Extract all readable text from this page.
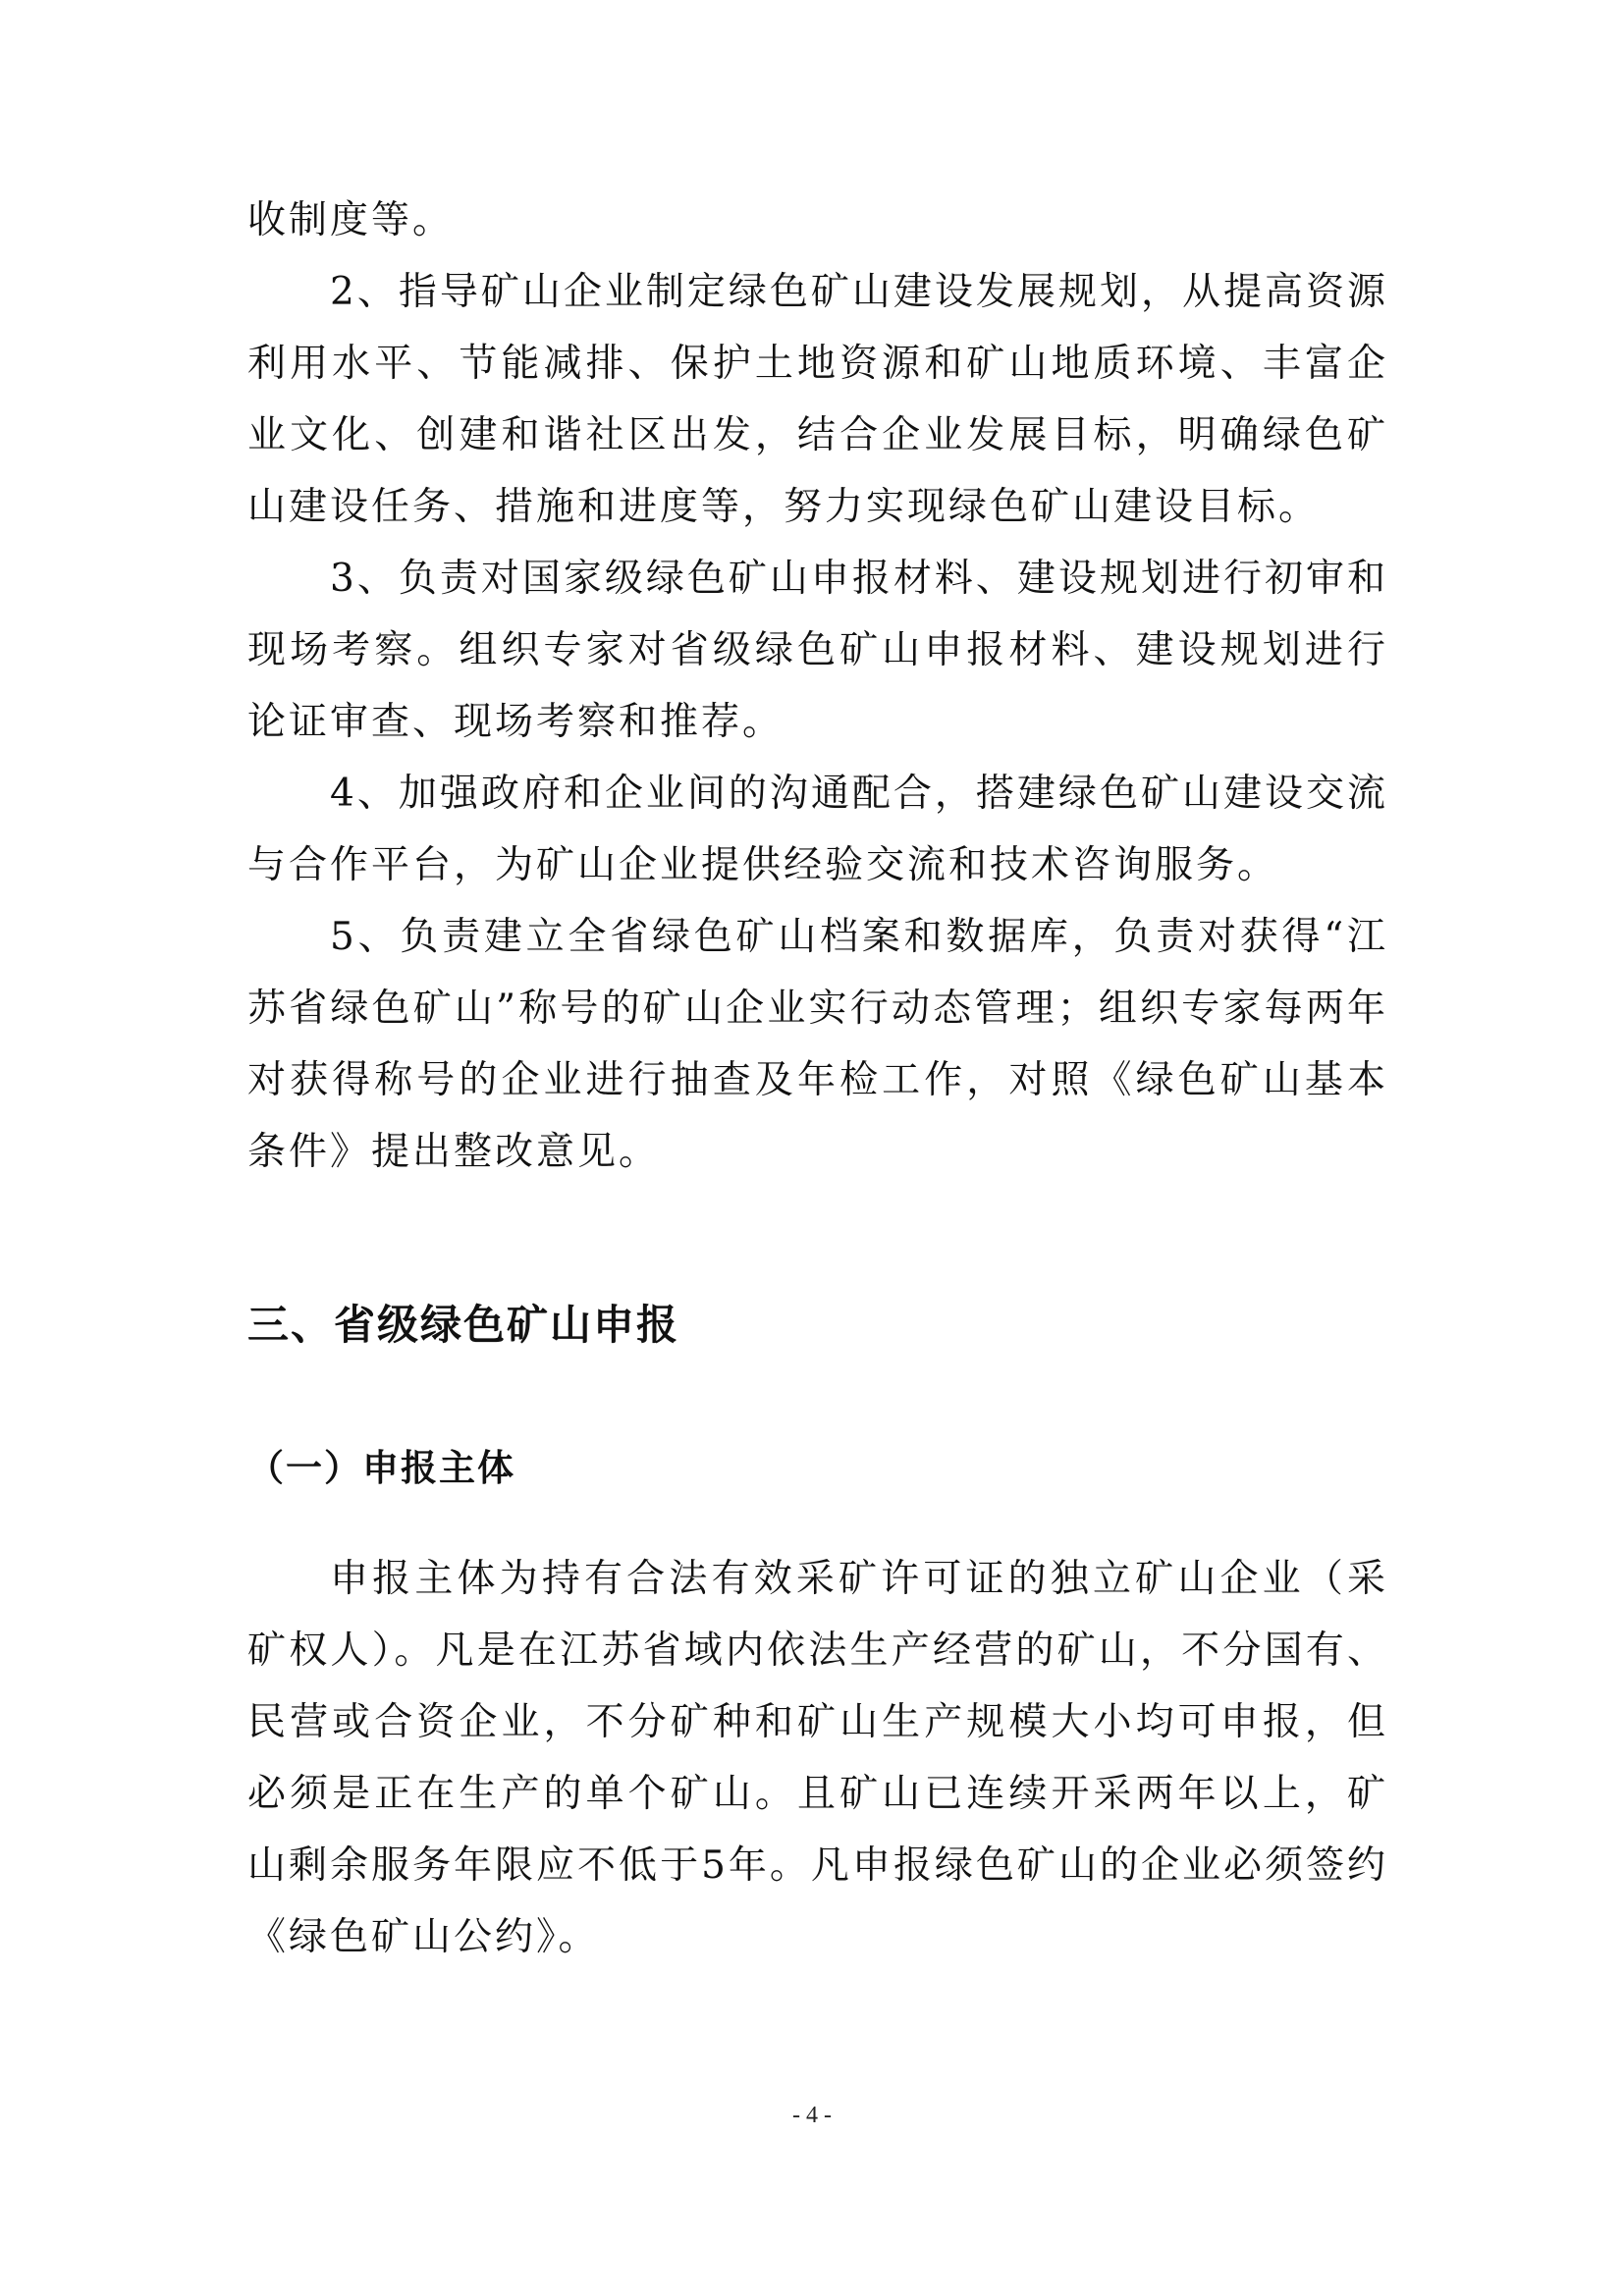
收制度等。

2、指导矿山企业制定绿色矿山建设发展规划，从提高资源利用水平、节能减排、保护土地资源和矿山地质环境、丰富企业文化、创建和谐社区出发，结合企业发展目标，明确绿色矿山建设任务、措施和进度等，努力实现绿色矿山建设目标。

3、负责对国家级绿色矿山申报材料、建设规划进行初审和现场考察。组织专家对省级绿色矿山申报材料、建设规划进行论证审查、现场考察和推荐。

4、加强政府和企业间的沟通配合，搭建绿色矿山建设交流与合作平台，为矿山企业提供经验交流和技术咨询服务。

5、负责建立全省绿色矿山档案和数据库，负责对获得“江苏省绿色矿山”称号的矿山企业实行动态管理；组织专家每两年对获得称号的企业进行抽查及年检工作，对照《绿色矿山基本条件》提出整改意见。

三、省级绿色矿山申报
（一）申报主体

申报主体为持有合法有效采矿许可证的独立矿山企业（采矿权人）。凡是在江苏省域内依法生产经营的矿山，不分国有、民营或合资企业，不分矿种和矿山生产规模大小均可申报，但必须是正在生产的单个矿山。且矿山已连续开采两年以上，矿山剩余服务年限应不低于5年。凡申报绿色矿山的企业必须签约《绿色矿山公约》。

- 4 -
